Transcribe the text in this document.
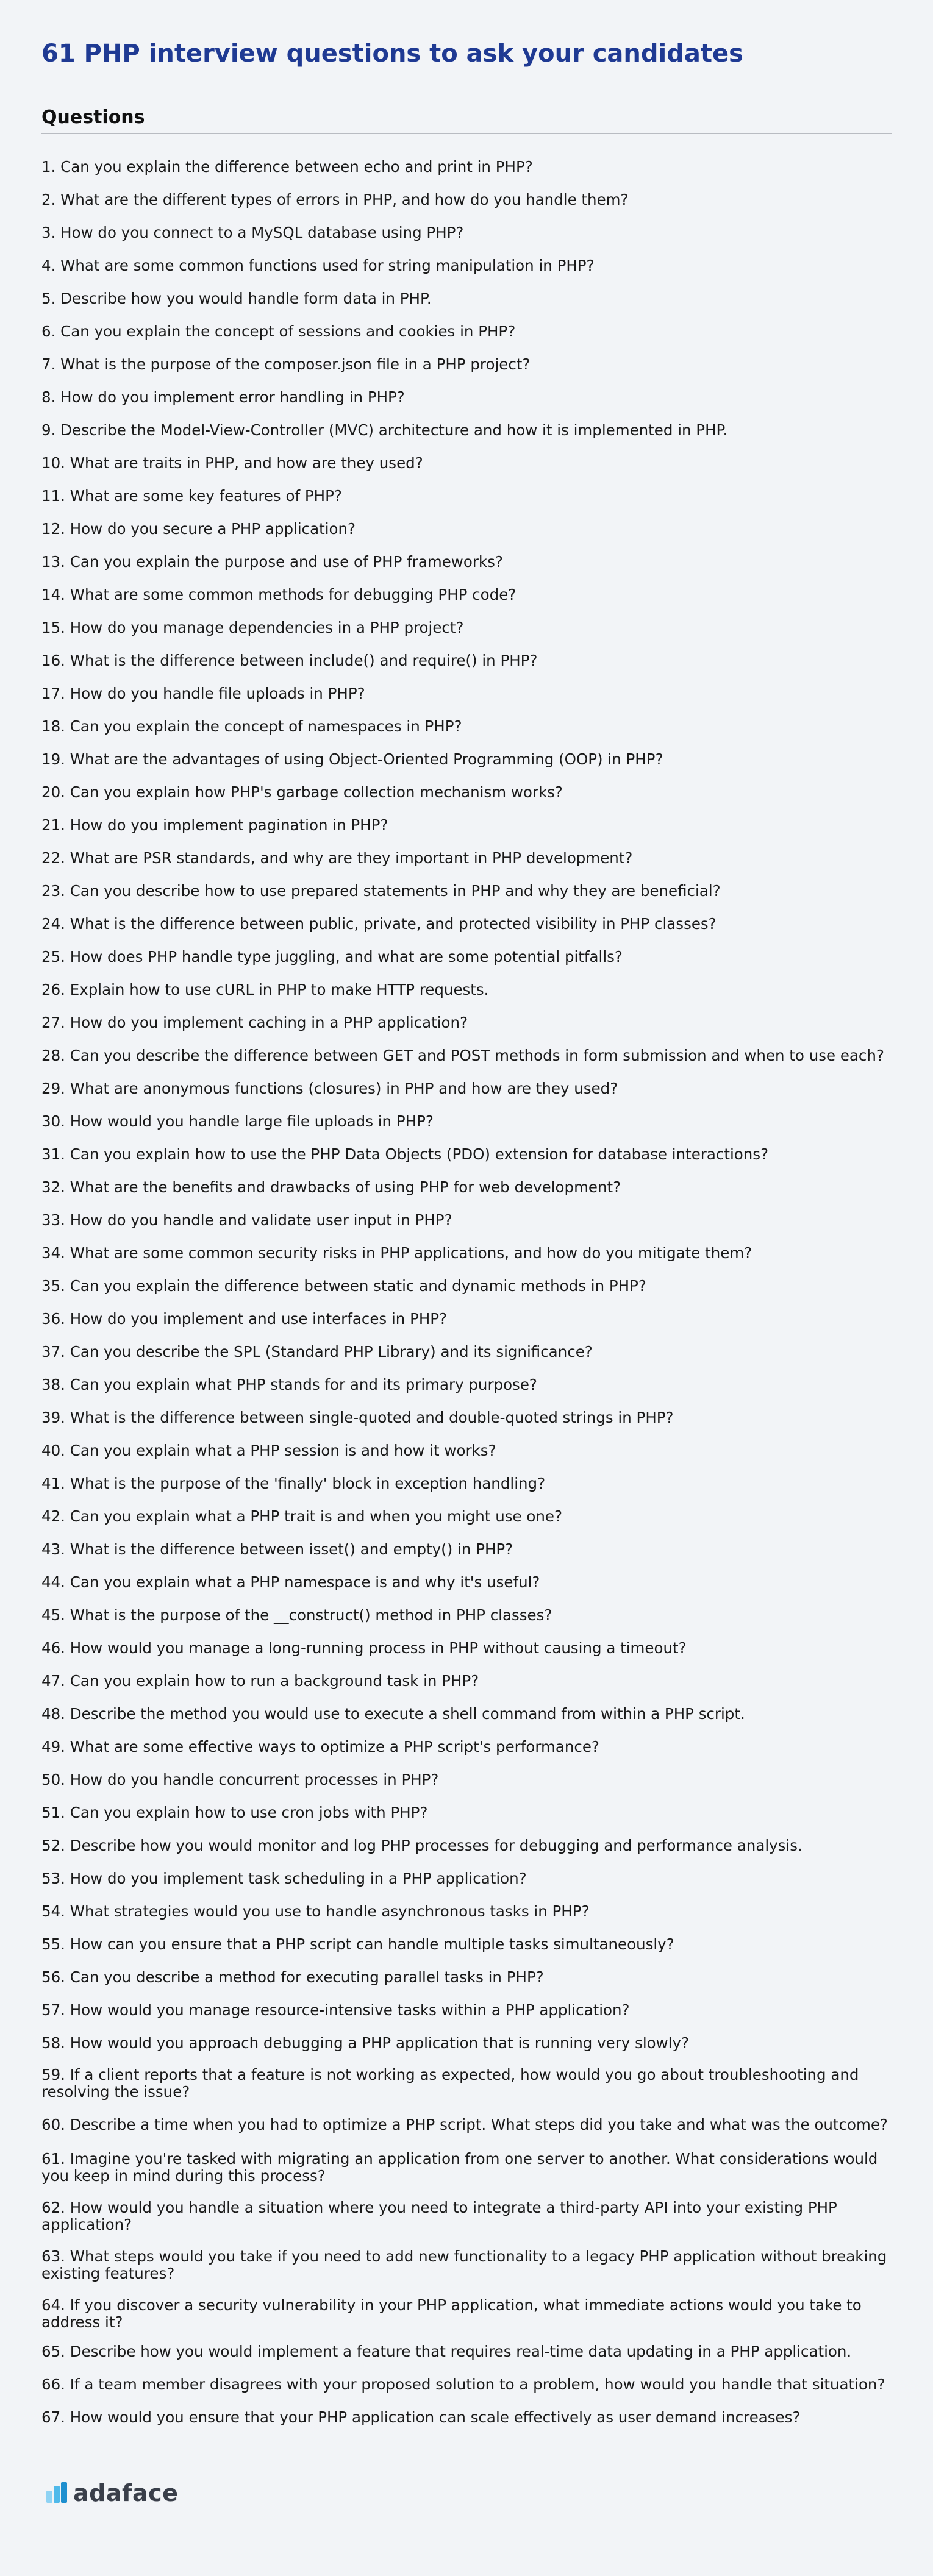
61 PHP interview questions to ask your candidates
Questions
1. Can you explain the difference between echo and print in PHP?
2. What are the different types of errors in PHP, and how do you handle them?
3. How do you connect to a MySQL database using PHP?
4. What are some common functions used for string manipulation in PHP?
5. Describe how you would handle form data in PHP.
6. Can you explain the concept of sessions and cookies in PHP?
7. What is the purpose of the composer.json file in a PHP project?
8. How do you implement error handling in PHP?
9. Describe the Model-View-Controller (MVC) architecture and how it is implemented in PHP.
10. What are traits in PHP, and how are they used?
11. What are some key features of PHP?
12. How do you secure a PHP application?
13. Can you explain the purpose and use of PHP frameworks?
14. What are some common methods for debugging PHP code?
15. How do you manage dependencies in a PHP project?
16. What is the difference between include() and require() in PHP?
17. How do you handle file uploads in PHP?
18. Can you explain the concept of namespaces in PHP?
19. What are the advantages of using Object-Oriented Programming (OOP) in PHP?
20. Can you explain how PHP's garbage collection mechanism works?
21. How do you implement pagination in PHP?
22. What are PSR standards, and why are they important in PHP development?
23. Can you describe how to use prepared statements in PHP and why they are beneficial?
24. What is the difference between public, private, and protected visibility in PHP classes?
25. How does PHP handle type juggling, and what are some potential pitfalls?
26. Explain how to use cURL in PHP to make HTTP requests.
27. How do you implement caching in a PHP application?
28. Can you describe the difference between GET and POST methods in form submission and when to use each?
29. What are anonymous functions (closures) in PHP and how are they used?
30. How would you handle large file uploads in PHP?
31. Can you explain how to use the PHP Data Objects (PDO) extension for database interactions?
32. What are the benefits and drawbacks of using PHP for web development?
33. How do you handle and validate user input in PHP?
34. What are some common security risks in PHP applications, and how do you mitigate them?
35. Can you explain the difference between static and dynamic methods in PHP?
36. How do you implement and use interfaces in PHP?
37. Can you describe the SPL (Standard PHP Library) and its significance?
38. Can you explain what PHP stands for and its primary purpose?
39. What is the difference between single-quoted and double-quoted strings in PHP?
40. Can you explain what a PHP session is and how it works?
41. What is the purpose of the 'finally' block in exception handling?
42. Can you explain what a PHP trait is and when you might use one?
43. What is the difference between isset() and empty() in PHP?
44. Can you explain what a PHP namespace is and why it's useful?
45. What is the purpose of the __construct() method in PHP classes?
46. How would you manage a long-running process in PHP without causing a timeout?
47. Can you explain how to run a background task in PHP?
48. Describe the method you would use to execute a shell command from within a PHP script.
49. What are some effective ways to optimize a PHP script's performance?
50. How do you handle concurrent processes in PHP?
51. Can you explain how to use cron jobs with PHP?
52. Describe how you would monitor and log PHP processes for debugging and performance analysis.
53. How do you implement task scheduling in a PHP application?
54. What strategies would you use to handle asynchronous tasks in PHP?
55. How can you ensure that a PHP script can handle multiple tasks simultaneously?
56. Can you describe a method for executing parallel tasks in PHP?
57. How would you manage resource-intensive tasks within a PHP application?
58. How would you approach debugging a PHP application that is running very slowly?
59. If a client reports that a feature is not working as expected, how would you go about troubleshooting and resolving the issue?
60. Describe a time when you had to optimize a PHP script. What steps did you take and what was the outcome?
61. Imagine you're tasked with migrating an application from one server to another. What considerations would you keep in mind during this process?
62. How would you handle a situation where you need to integrate a third-party API into your existing PHP application?
63. What steps would you take if you need to add new functionality to a legacy PHP application without breaking existing features?
64. If you discover a security vulnerability in your PHP application, what immediate actions would you take to address it?
65. Describe how you would implement a feature that requires real-time data updating in a PHP application.
66. If a team member disagrees with your proposed solution to a problem, how would you handle that situation?
67. How would you ensure that your PHP application can scale effectively as user demand increases?
adaface
